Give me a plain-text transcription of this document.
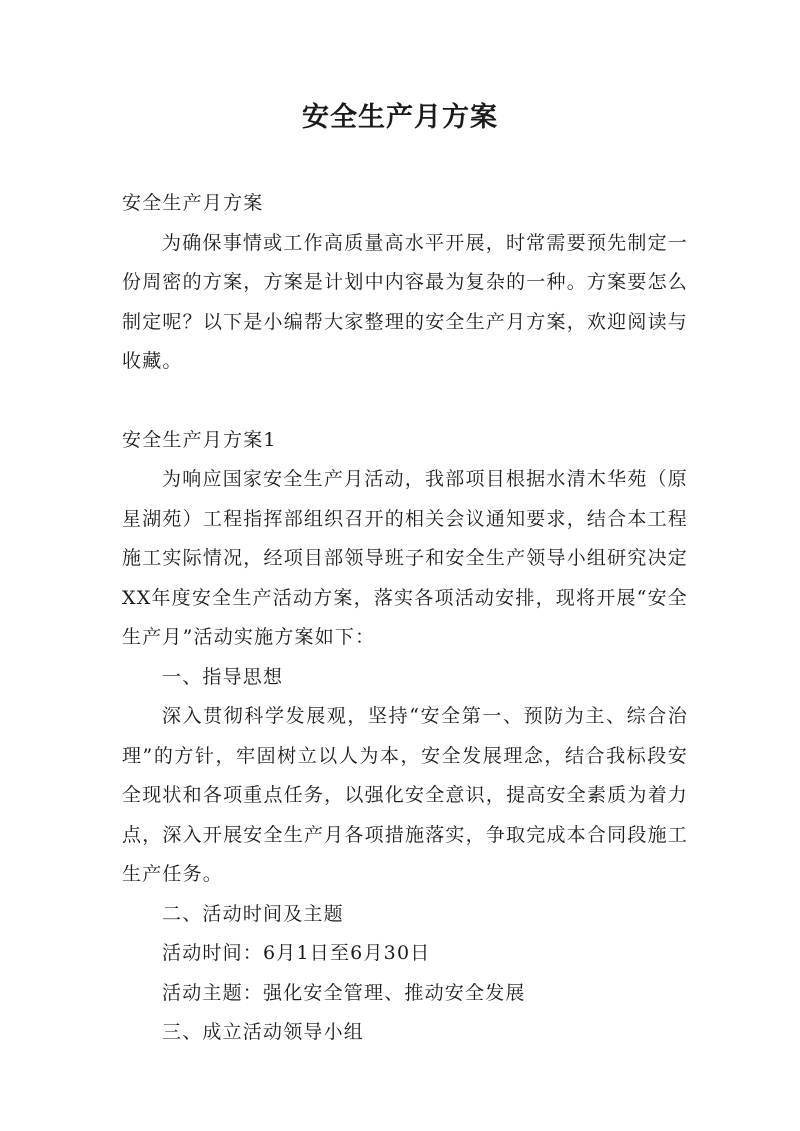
安全生产月方案

安全生产月方案

为确保事情或工作高质量高水平开展，时常需要预先制定一份周密的方案，方案是计划中内容最为复杂的一种。方案要怎么制定呢？以下是小编帮大家整理的安全生产月方案，欢迎阅读与收藏。

安全生产月方案1

为响应国家安全生产月活动，我部项目根据水清木华苑（原星湖苑）工程指挥部组织召开的相关会议通知要求，结合本工程施工实际情况，经项目部领导班子和安全生产领导小组研究决定XX年度安全生产活动方案，落实各项活动安排，现将开展“安全生产月”活动实施方案如下：

一、指导思想

深入贯彻科学发展观，坚持“安全第一、预防为主、综合治理”的方针，牢固树立以人为本，安全发展理念，结合我标段安全现状和各项重点任务，以强化安全意识，提高安全素质为着力点，深入开展安全生产月各项措施落实，争取完成本合同段施工生产任务。

二、活动时间及主题

活动时间：6月1日至6月30日

活动主题：强化安全管理、推动安全发展

三、成立活动领导小组
